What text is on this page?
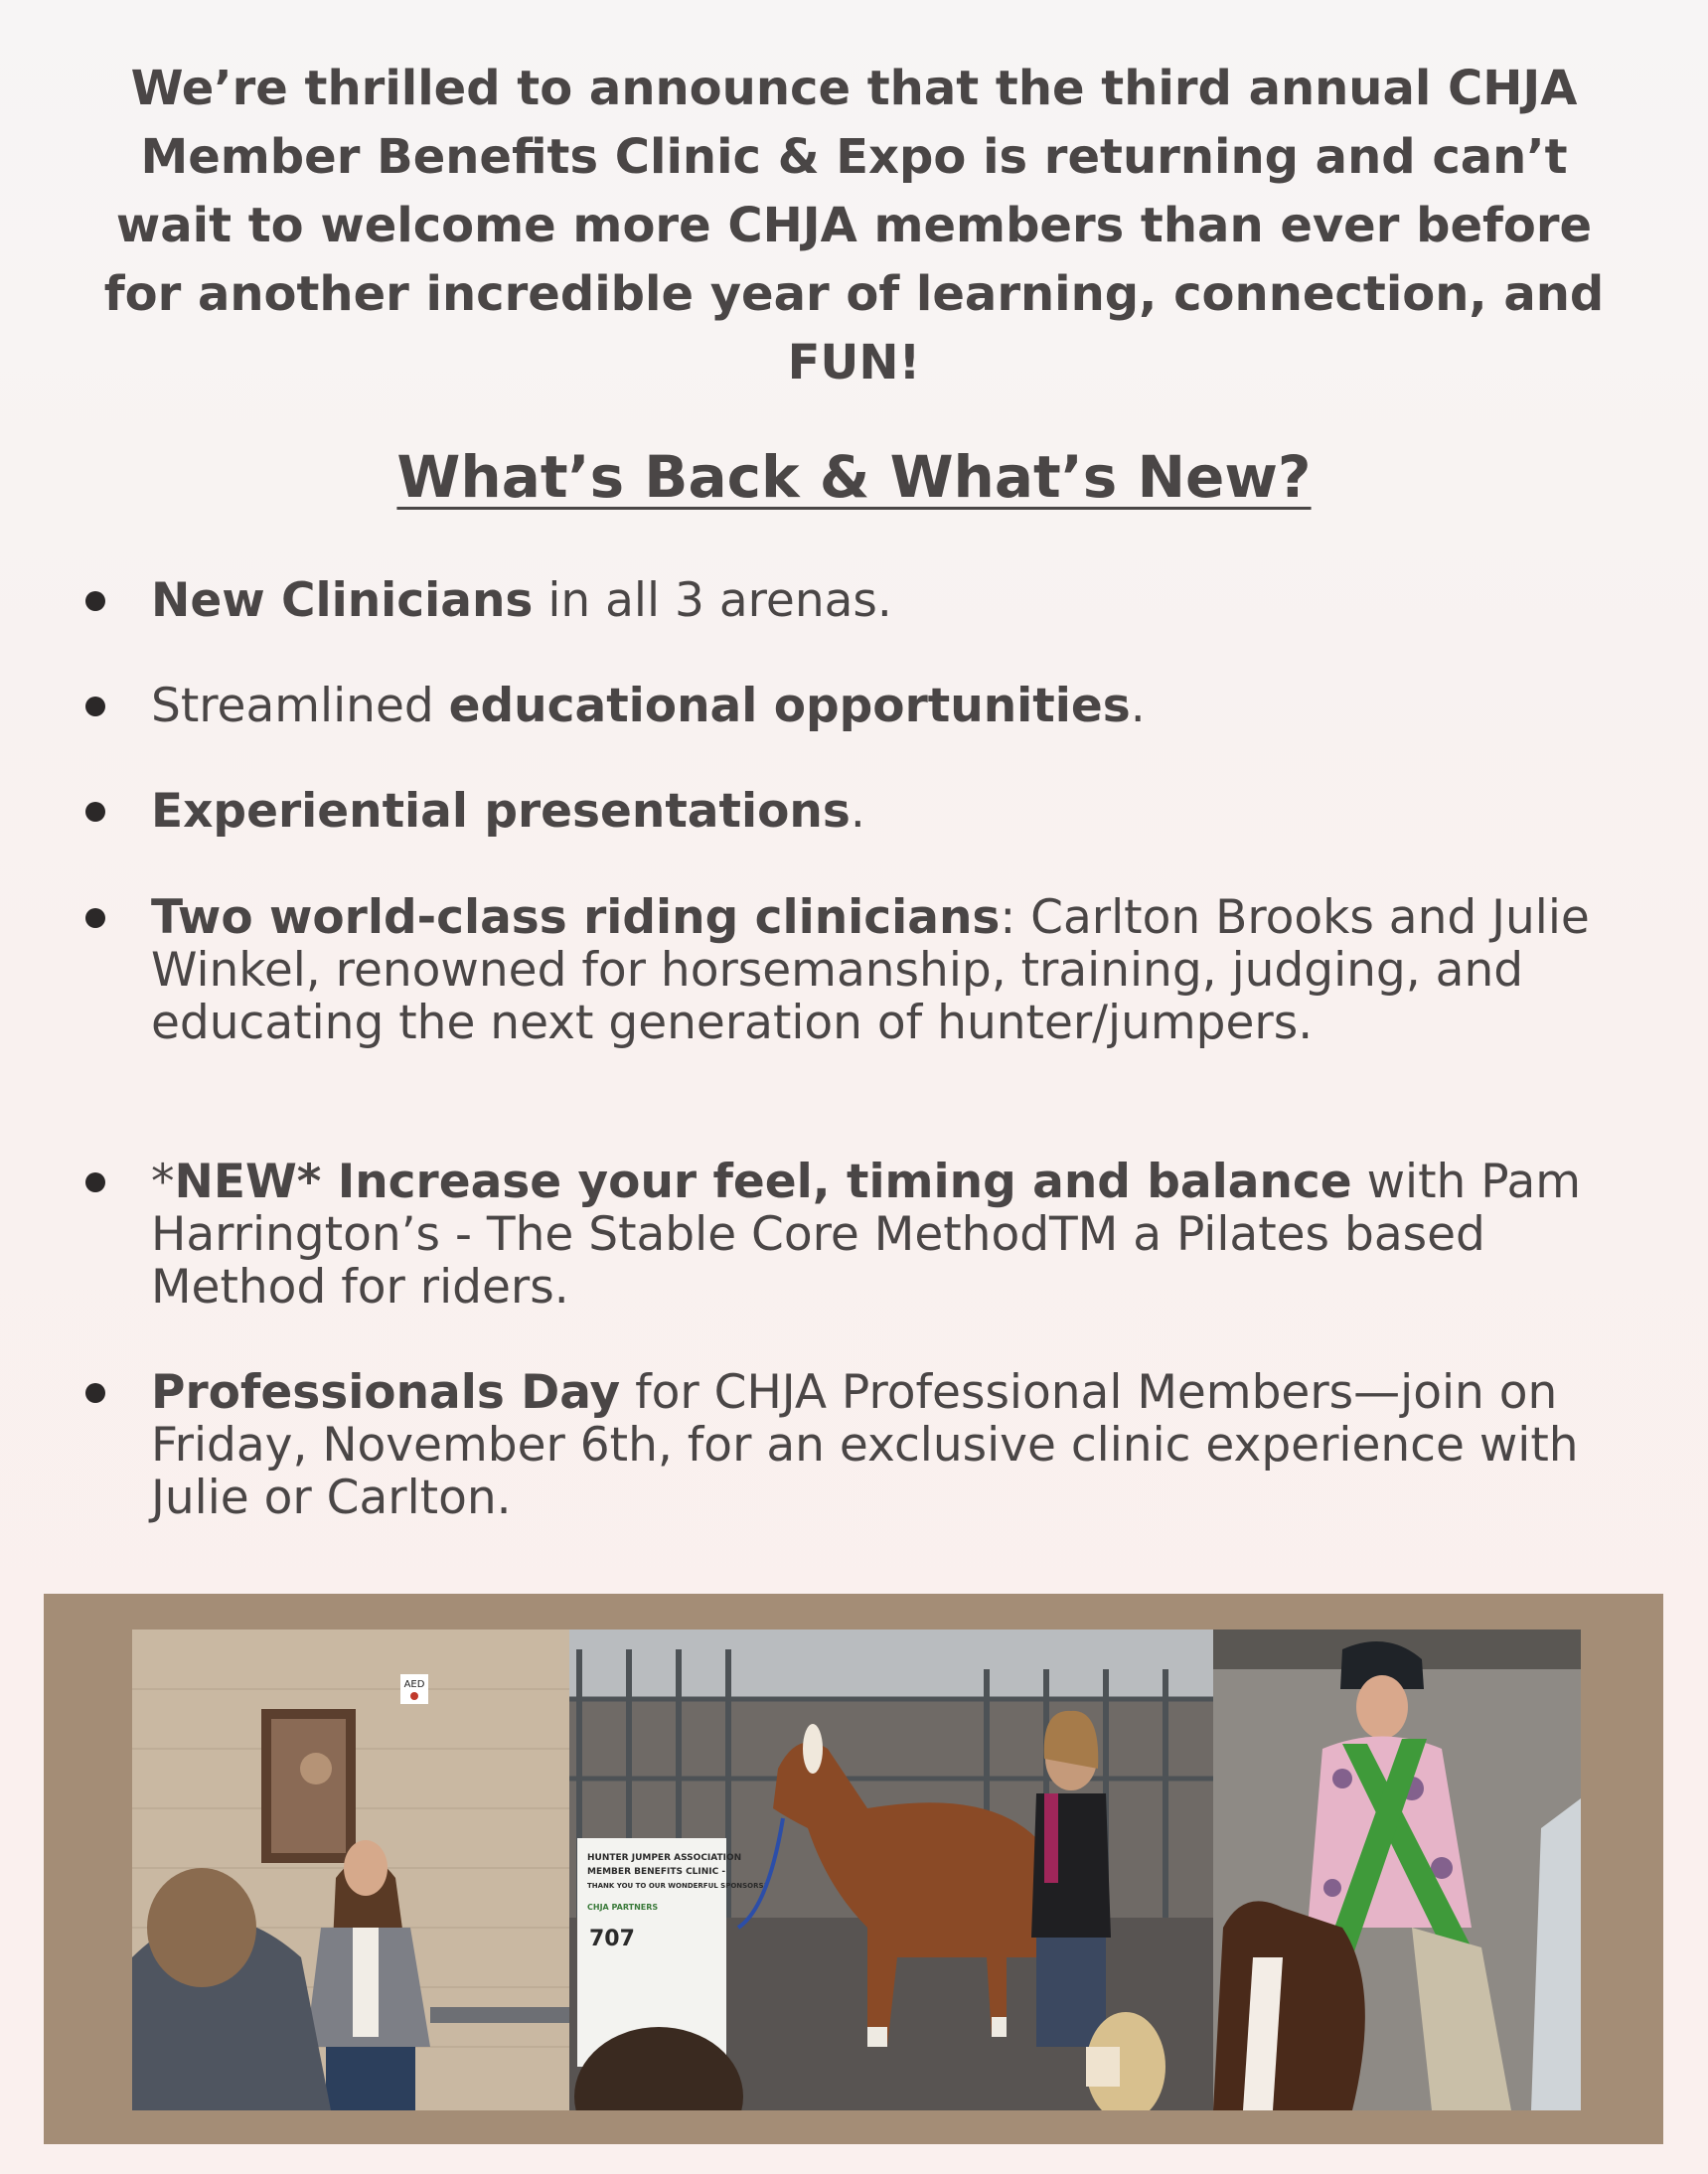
We’re thrilled to announce that the third annual CHJA Member Benefits Clinic & Expo is returning and can’t wait to welcome more CHJA members than ever before for another incredible year of learning, connection, and FUN!

What’s Back & What’s New?
New Clinicians in all 3 arenas.
Streamlined educational opportunities.
Experiential presentations.
Two world-class riding clinicians: Carlton Brooks and Julie Winkel, renowned for horsemanship, training, judging, and educating the next generation of hunter/jumpers.
*NEW* Increase your feel, timing and balance with Pam Harrington’s - The Stable Core MethodTM a Pilates based Method for riders.
Professionals Day for CHJA Professional Members—join on Friday, November 6th, for an exclusive clinic experience with Julie or Carlton.
AED
HUNTER JUMPER ASSOCIATION
MEMBER BENEFITS CLINIC -
THANK YOU TO OUR WONDERFUL SPONSORS!
CHJA PARTNERS
707
